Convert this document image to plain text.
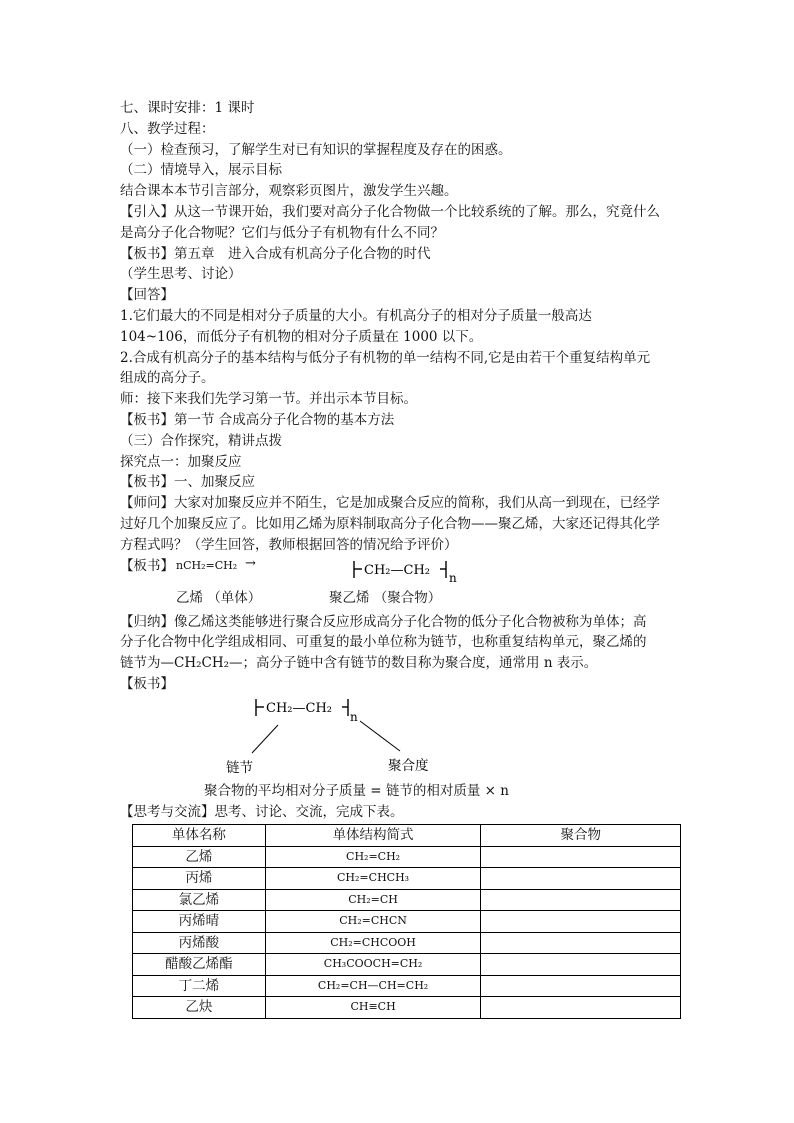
七、课时安排：1 课时
八、教学过程：
（一）检查预习，了解学生对已有知识的掌握程度及存在的困惑。
（二）情境导入，展示目标
结合课本本节引言部分，观察彩页图片，激发学生兴趣。
【引入】从这一节课开始，我们要对高分子化合物做一个比较系统的了解。那么，究竟什么
是高分子化合物呢？它们与低分子有机物有什么不同？
【板书】第五章　进入合成有机高分子化合物的时代
（学生思考、讨论）
【回答】
1.它们最大的不同是相对分子质量的大小。有机高分子的相对分子质量一般高达
104~106，而低分子有机物的相对分子质量在 1000 以下。
2.合成有机高分子的基本结构与低分子有机物的单一结构不同,它是由若干个重复结构单元
组成的高分子。
师：接下来我们先学习第一节。并出示本节目标。
【板书】第一节 合成高分子化合物的基本方法
（三）合作探究，精讲点拨
探究点一：加聚反应
【板书】一、加聚反应
【师问】大家对加聚反应并不陌生，它是加成聚合反应的简称，我们从高一到现在，已经学
过好几个加聚反应了。比如用乙烯为原料制取高分子化合物——聚乙烯，大家还记得其化学
方程式吗？（学生回答，教师根据回答的情况给予评价）
【板书】 nCH₂=CH₂ →	CH₂—CH₂ n
乙烯 （单体）	聚乙烯 （聚合物）
【归纳】像乙烯这类能够进行聚合反应形成高分子化合物的低分子化合物被称为单体；高
分子化合物中化学组成相同、可重复的最小单位称为链节，也称重复结构单元，聚乙烯的
链节为—CH₂CH₂—；高分子链中含有链节的数目称为聚合度，通常用 n 表示。
【板书】
CH₂—CH₂
n
链节	聚合度
聚合物的平均相对分子质量 = 链节的相对质量 × n
【思考与交流】思考、讨论、交流，完成下表。
单体名称	单体结构简式	聚合物
乙烯	CH₂=CH₂	
丙烯	CH₂=CHCH₃	
氯乙烯	CH₂=CH	
丙烯晴	CH₂=CHCN	
丙烯酸	CH₂=CHCOOH	
醋酸乙烯酯	CH₃COOCH=CH₂	
丁二烯	CH₂=CH—CH=CH₂	
乙炔	CH≡CH	
